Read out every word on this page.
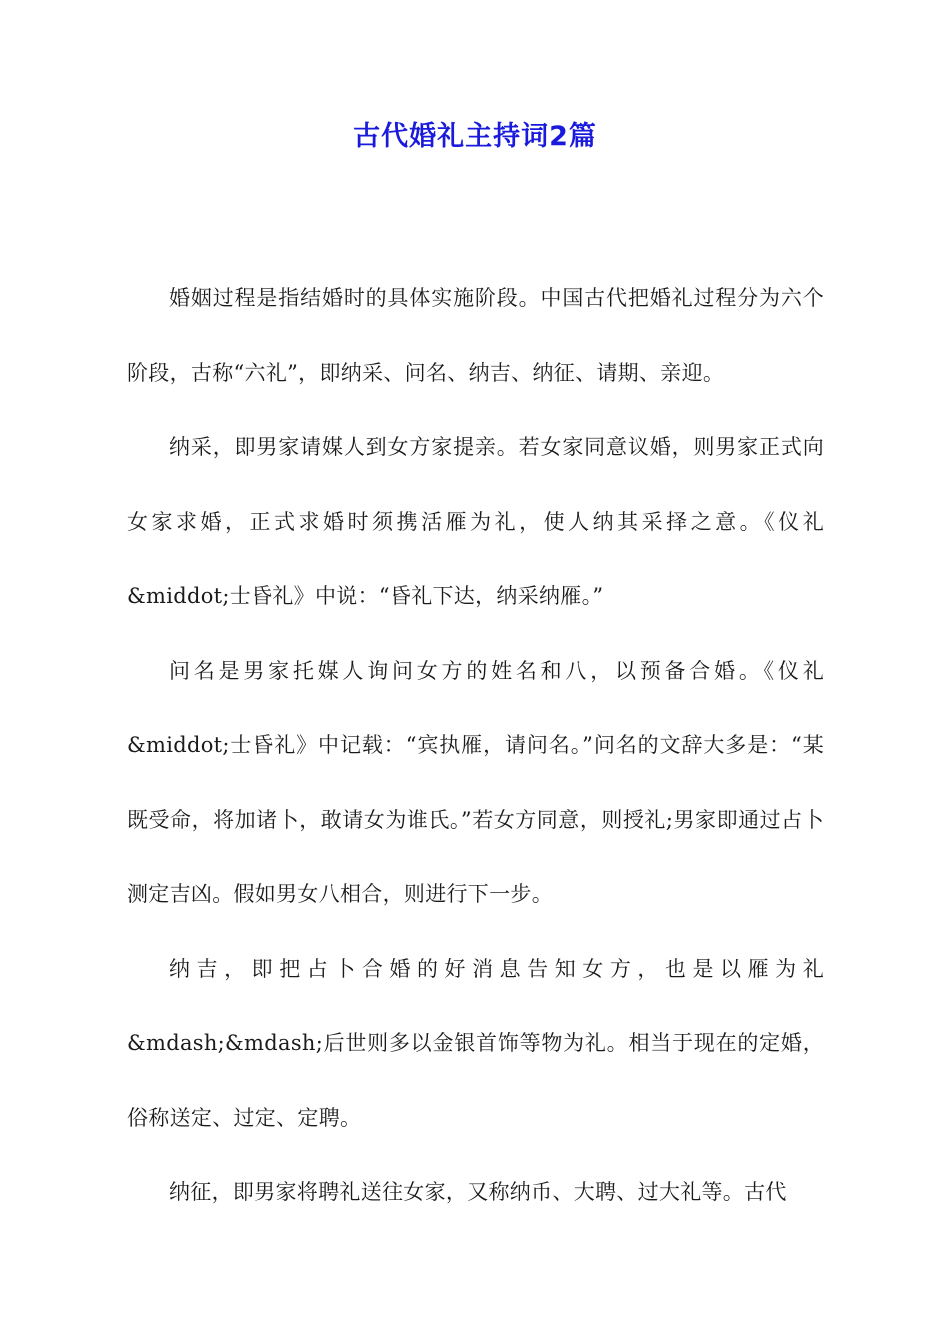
古代婚礼主持词2篇

婚姻过程是指结婚时的具体实施阶段。中国古代把婚礼过程分为六个阶段，古称“六礼”，即纳采、问名、纳吉、纳征、请期、亲迎。

纳采，即男家请媒人到女方家提亲。若女家同意议婚，则男家正式向女家求婚，正式求婚时须携活雁为礼，使人纳其采择之意。《仪礼&middot;士昏礼》中说：“昏礼下达，纳采纳雁。”

问名是男家托媒人询问女方的姓名和八，以预备合婚。《仪礼&middot;士昏礼》中记载：“宾执雁，请问名。”问名的文辞大多是：“某既受命，将加诸卜，敢请女为谁氏。”若女方同意，则授礼;男家即通过占卜测定吉凶。假如男女八相合，则进行下一步。

纳吉，即把占卜合婚的好消息告知女方，也是以雁为礼&mdash;&mdash;后世则多以金银首饰等物为礼。相当于现在的定婚，俗称送定、过定、定聘。

纳征，即男家将聘礼送往女家，又称纳币、大聘、过大礼等。古代
